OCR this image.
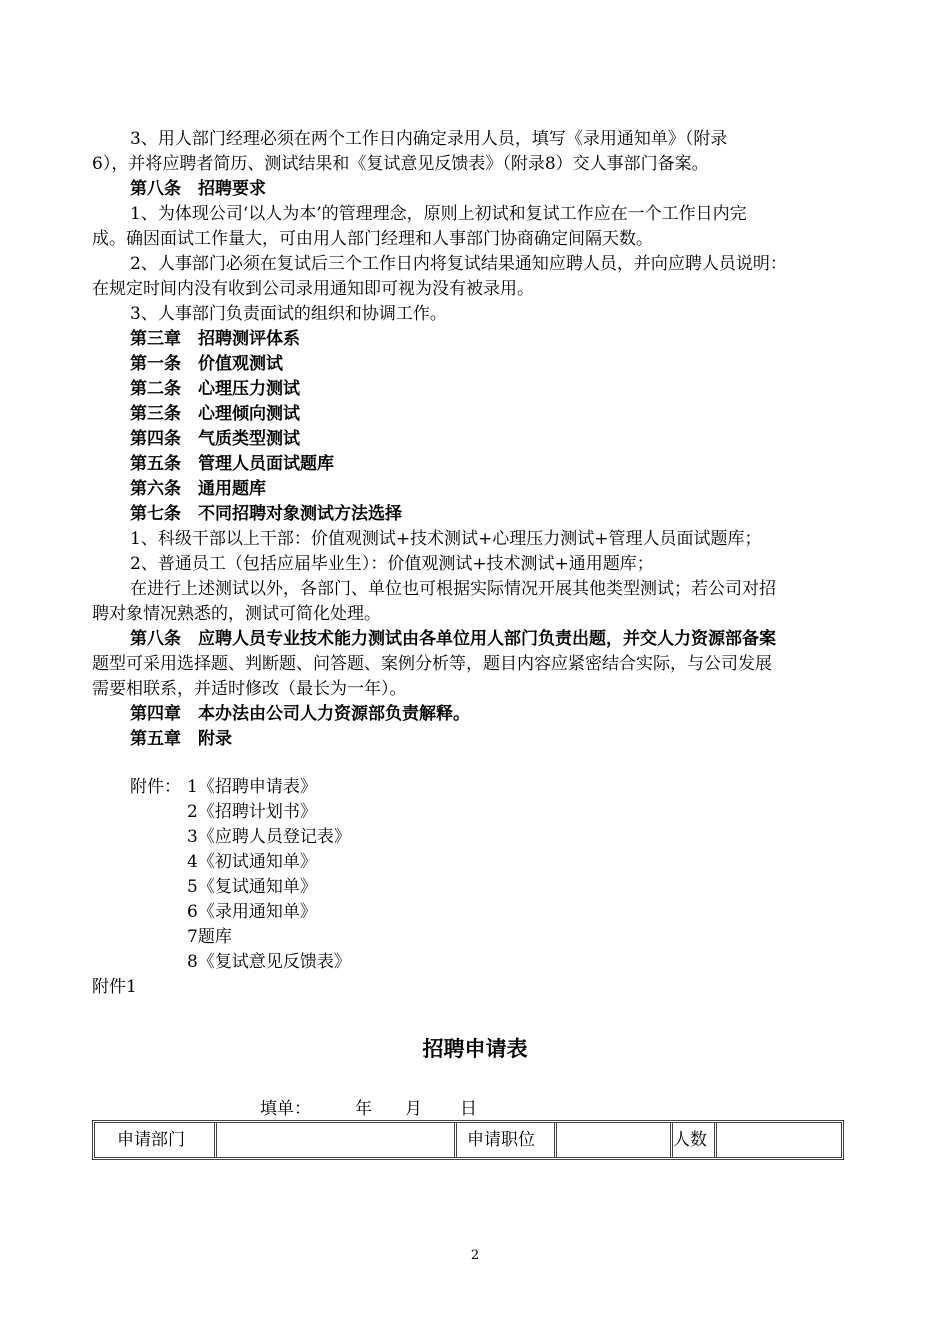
3、用人部门经理必须在两个工作日内确定录用人员，填写《录用通知单》（附录
6），并将应聘者简历、测试结果和《复试意见反馈表》（附录8）交人事部门备案。
第八条　招聘要求
1、为体现公司‘以人为本’的管理理念，原则上初试和复试工作应在一个工作日内完
成。确因面试工作量大，可由用人部门经理和人事部门协商确定间隔天数。
2、人事部门必须在复试后三个工作日内将复试结果通知应聘人员，并向应聘人员说明：
在规定时间内没有收到公司录用通知即可视为没有被录用。
3、人事部门负责面试的组织和协调工作。
第三章　招聘测评体系
第一条　价值观测试
第二条　心理压力测试
第三条　心理倾向测试
第四条　气质类型测试
第五条　管理人员面试题库
第六条　通用题库
第七条　不同招聘对象测试方法选择
1、科级干部以上干部：价值观测试+技术测试+心理压力测试+管理人员面试题库；
2、普通员工（包括应届毕业生）：价值观测试+技术测试+通用题库；
在进行上述测试以外，各部门、单位也可根据实际情况开展其他类型测试；若公司对招
聘对象情况熟悉的，测试可简化处理。
第八条　应聘人员专业技术能力测试由各单位用人部门负责出题，并交人力资源部备案
题型可采用选择题、判断题、问答题、案例分析等，题目内容应紧密结合实际，与公司发展
需要相联系，并适时修改（最长为一年）。
第四章　本办法由公司人力资源部负责解释。
第五章　附录
附件： 1《招聘申请表》
2《招聘计划书》
3《应聘人员登记表》
4《初试通知单》
5《复试通知单》
6《录用通知单》
7题库
8《复试意见反馈表》
附件1
招聘申请表
填单：	年 月 日
申请部门	申请职位	人数
2
